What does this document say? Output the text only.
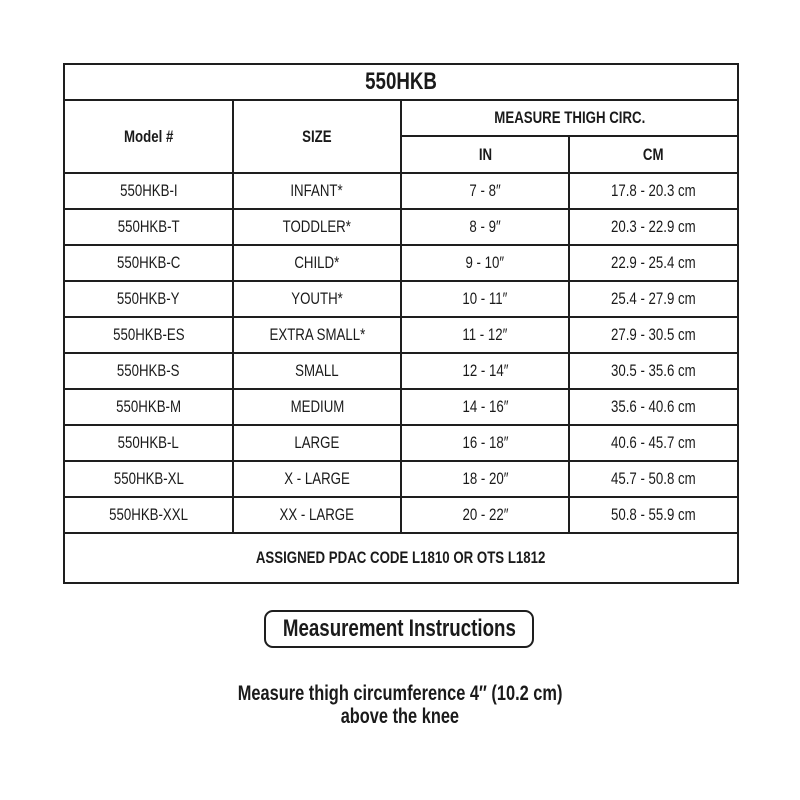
550HKB			
Model #	SIZE	MEASURE THIGH CIRC.	
		IN	CM
550HKB-I	INFANT*	7 - 8″	17.8 - 20.3 cm
550HKB-T	TODDLER*	8 - 9″	20.3 - 22.9 cm
550HKB-C	CHILD*	9 - 10″	22.9 - 25.4 cm
550HKB-Y	YOUTH*	10 - 11″	25.4 - 27.9 cm
550HKB-ES	EXTRA SMALL*	11 - 12″	27.9 - 30.5 cm
550HKB-S	SMALL	12 - 14″	30.5 - 35.6 cm
550HKB-M	MEDIUM	14 - 16″	35.6 - 40.6 cm
550HKB-L	LARGE	16 - 18″	40.6 - 45.7 cm
550HKB-XL	X - LARGE	18 - 20″	45.7 - 50.8 cm
550HKB-XXL	XX - LARGE	20 - 22″	50.8 - 55.9 cm
ASSIGNED PDAC CODE L1810 OR OTS L1812			
Measurement Instructions
Measure thigh circumference 4″ (10.2 cm)
above the knee
